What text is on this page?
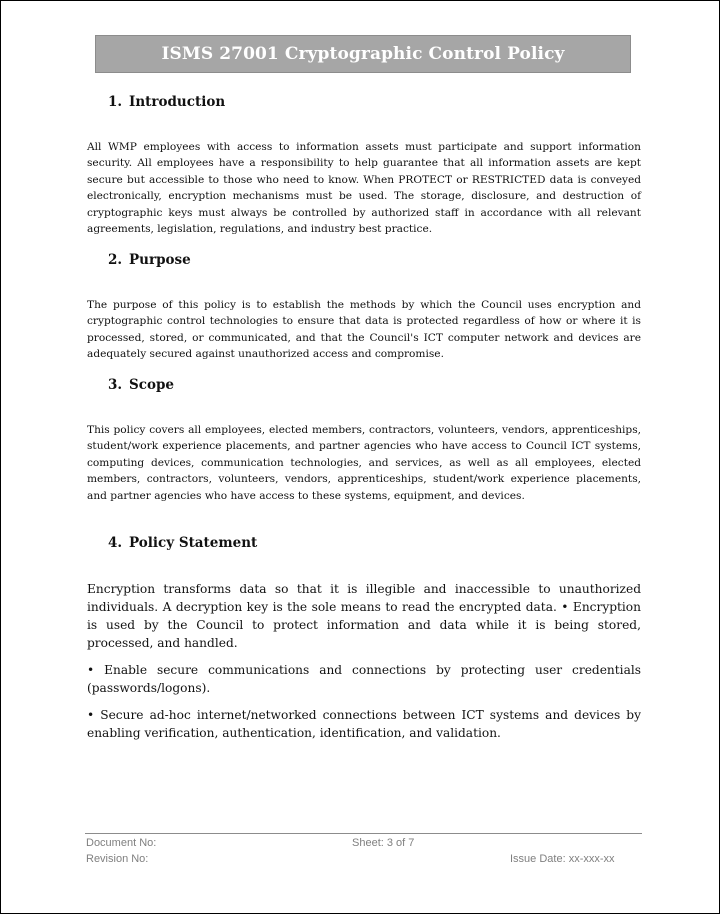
ISMS 27001 Cryptographic Control Policy
1. Introduction

All WMP employees with access to information assets must participate and support information security. All employees have a responsibility to help guarantee that all information assets are kept secure but accessible to those who need to know. When PROTECT or RESTRICTED data is conveyed electronically, encryption mechanisms must be used. The storage, disclosure, and destruction of cryptographic keys must always be controlled by authorized staff in accordance with all relevant agreements, legislation, regulations, and industry best practice.

2. Purpose

The purpose of this policy is to establish the methods by which the Council uses encryption and cryptographic control technologies to ensure that data is protected regardless of how or where it is processed, stored, or communicated, and that the Council's ICT computer network and devices are adequately secured against unauthorized access and compromise.

3. Scope

This policy covers all employees, elected members, contractors, volunteers, vendors, apprenticeships, student/work experience placements, and partner agencies who have access to Council ICT systems, computing devices, communication technologies, and services, as well as all employees, elected members, contractors, volunteers, vendors, apprenticeships, student/work experience placements, and partner agencies who have access to these systems, equipment, and devices.

4. Policy Statement

Encryption transforms data so that it is illegible and inaccessible to unauthorized individuals. A decryption key is the sole means to read the encrypted data. • Encryption is used by the Council to protect information and data while it is being stored, processed, and handled.

• Enable secure communications and connections by protecting user credentials (passwords/logons).

• Secure ad-hoc internet/networked connections between ICT systems and devices by enabling verification, authentication, identification, and validation.

Document No:	Sheet: 3 of 7
Revision No:	Issue Date: xx-xxx-xx
